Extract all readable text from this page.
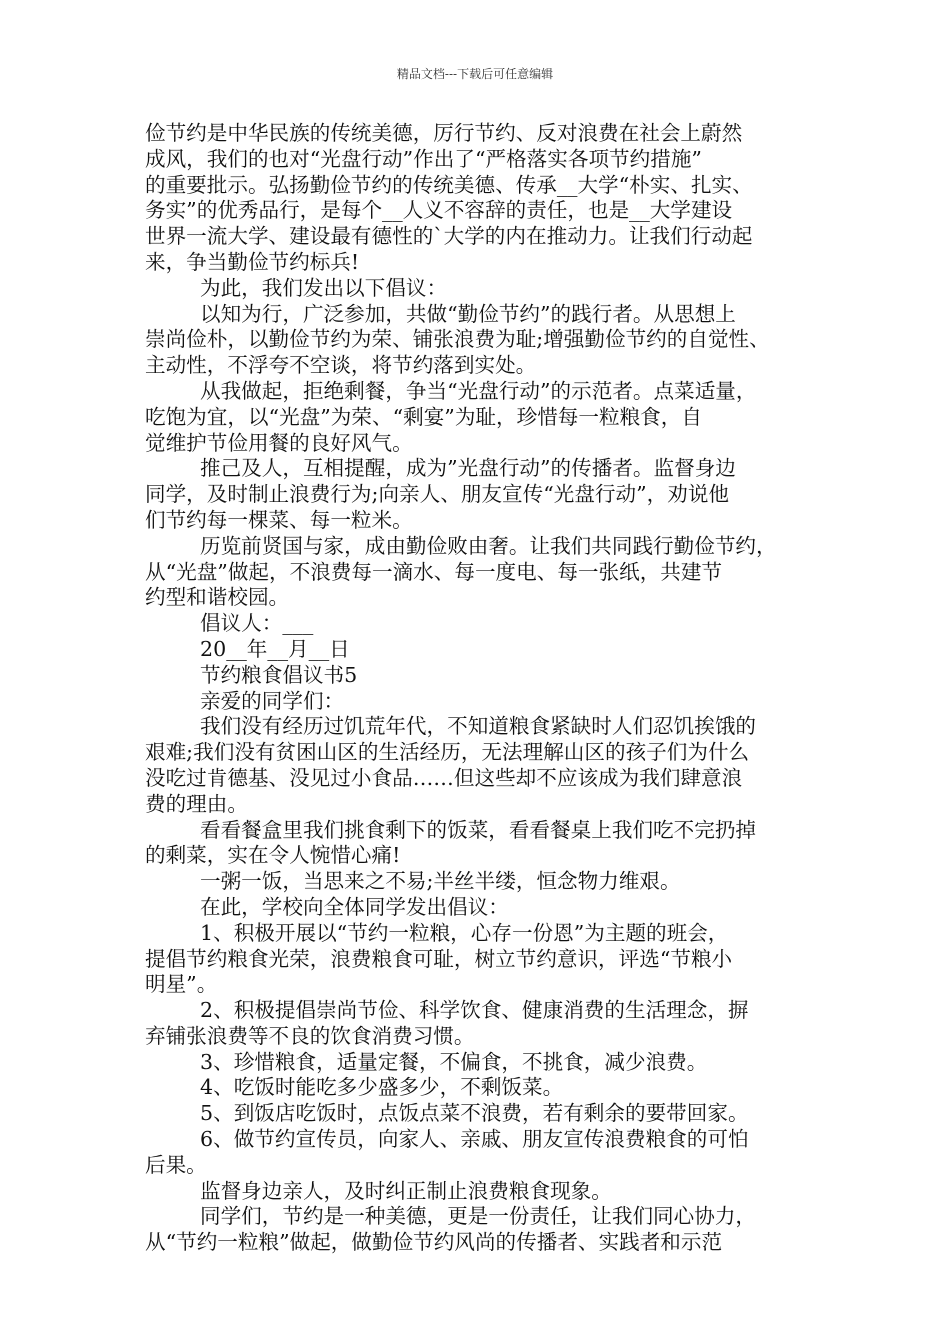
精品文档---下载后可任意编辑
俭节约是中华民族的传统美德，厉行节约、反对浪费在社会上蔚然
成风，我们的也对“光盘行动”作出了“严格落实各项节约措施”
的重要批示。弘扬勤俭节约的传统美德、传承__大学“朴实、扎实、
务实”的优秀品行，是每个__人义不容辞的责任，也是__大学建设
世界一流大学、建设最有德性的`大学的内在推动力。让我们行动起
来，争当勤俭节约标兵!
为此，我们发出以下倡议：
以知为行，广泛参加，共做“勤俭节约”的践行者。从思想上
崇尚俭朴，以勤俭节约为荣、铺张浪费为耻;增强勤俭节约的自觉性、
主动性，不浮夸不空谈，将节约落到实处。
从我做起，拒绝剩餐，争当“光盘行动”的示范者。点菜适量，
吃饱为宜，以“光盘”为荣、“剩宴”为耻，珍惜每一粒粮食，自
觉维护节俭用餐的良好风气。
推己及人，互相提醒，成为”光盘行动”的传播者。监督身边
同学，及时制止浪费行为;向亲人、朋友宣传“光盘行动”，劝说他
们节约每一棵菜、每一粒米。
历览前贤国与家，成由勤俭败由奢。让我们共同践行勤俭节约，
从“光盘”做起，不浪费每一滴水、每一度电、每一张纸，共建节
约型和谐校园。
倡议人：___
20__年__月__日
节约粮食倡议书5
亲爱的同学们：
我们没有经历过饥荒年代，不知道粮食紧缺时人们忍饥挨饿的
艰难;我们没有贫困山区的生活经历，无法理解山区的孩子们为什么
没吃过肯德基、没见过小食品……但这些却不应该成为我们肆意浪
费的理由。
看看餐盒里我们挑食剩下的饭菜，看看餐桌上我们吃不完扔掉
的剩菜，实在令人惋惜心痛!
一粥一饭，当思来之不易;半丝半缕，恒念物力维艰。
在此，学校向全体同学发出倡议：
1、积极开展以“节约一粒粮，心存一份恩”为主题的班会，
提倡节约粮食光荣，浪费粮食可耻，树立节约意识，评选“节粮小
明星”。
2、积极提倡崇尚节俭、科学饮食、健康消费的生活理念，摒
弃铺张浪费等不良的饮食消费习惯。
3、珍惜粮食，适量定餐，不偏食，不挑食，减少浪费。
4、吃饭时能吃多少盛多少，不剩饭菜。
5、到饭店吃饭时，点饭点菜不浪费，若有剩余的要带回家。
6、做节约宣传员，向家人、亲戚、朋友宣传浪费粮食的可怕
后果。
监督身边亲人，及时纠正制止浪费粮食现象。
同学们，节约是一种美德，更是一份责任，让我们同心协力，
从“节约一粒粮”做起，做勤俭节约风尚的传播者、实践者和示范
